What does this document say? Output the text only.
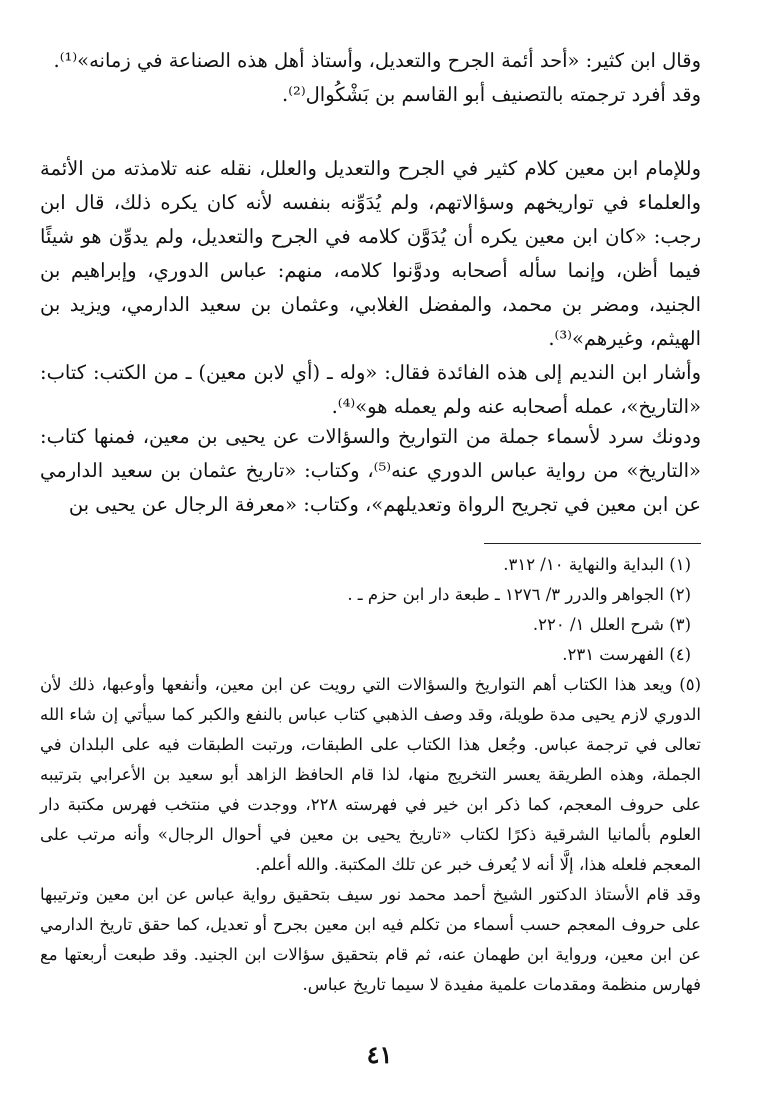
وقال ابن كثير: «أحد أئمة الجرح والتعديل، وأستاذ أهل هذه الصناعة في زمانه»⁽¹⁾.

وقد أفرد ترجمته بالتصنيف أبو القاسم بن بَشْكُوال⁽²⁾.

وللإمام ابن معين كلام كثير في الجرح والتعديل والعلل، نقله عنه تلامذته من الأئمة والعلماء في تواريخهم وسؤالاتهم، ولم يُدَوِّنه بنفسه لأنه كان يكره ذلك، قال ابن رجب: «كان ابن معين يكره أن يُدَوَّن كلامه في الجرح والتعديل، ولم يدوِّن هو شيئًا فيما أظن، وإنما سأله أصحابه ودوَّنوا كلامه، منهم: عباس الدوري، وإبراهيم بن الجنيد، ومضر بن محمد، والمفضل الغلابي، وعثمان بن سعيد الدارمي، ويزيد بن الهيثم، وغيرهم»⁽³⁾.

وأشار ابن النديم إلى هذه الفائدة فقال: «وله ـ (أي لابن معين) ـ من الكتب: كتاب: «التاريخ»، عمله أصحابه عنه ولم يعمله هو»⁽⁴⁾.

ودونك سرد لأسماء جملة من التواريخ والسؤالات عن يحيى بن معين، فمنها كتاب: «التاريخ» من رواية عباس الدوري عنه⁽⁵⁾، وكتاب: «تاريخ عثمان بن سعيد الدارمي عن ابن معين في تجريح الرواة وتعديلهم»، وكتاب: «معرفة الرجال عن يحيى بن

(١) البداية والنهاية ١٠/ ٣١٢.

(٢) الجواهر والدرر ٣/ ١٢٧٦ ـ طبعة دار ابن حزم ـ .

(٣) شرح العلل ١/ ٢٢٠.

(٤) الفهرست ٢٣١.

(٥) ويعد هذا الكتاب أهم التواريخ والسؤالات التي رويت عن ابن معين، وأنفعها وأوعبها، ذلك لأن الدوري لازم يحيى مدة طويلة، وقد وصف الذهبي كتاب عباس بالنفع والكبر كما سيأتي إن شاء الله تعالى في ترجمة عباس. وجُعل هذا الكتاب على الطبقات، ورتبت الطبقات فيه على البلدان في الجملة، وهذه الطريقة يعسر التخريج منها، لذا قام الحافظ الزاهد أبو سعيد بن الأعرابي بترتيبه على حروف المعجم، كما ذكر ابن خير في فهرسته ٢٢٨، ووجدت في منتخب فهرس مكتبة دار العلوم بألمانيا الشرقية ذكرًا لكتاب «تاريخ يحيى بن معين في أحوال الرجال» وأنه مرتب على المعجم فلعله هذا، إلَّا أنه لا يُعرف خبر عن تلك المكتبة. والله أعلم.

وقد قام الأستاذ الدكتور الشيخ أحمد محمد نور سيف بتحقيق رواية عباس عن ابن معين وترتيبها على حروف المعجم حسب أسماء من تكلم فيه ابن معين بجرح أو تعديل، كما حقق تاريخ الدارمي عن ابن معين، ورواية ابن طهمان عنه، ثم قام بتحقيق سؤالات ابن الجنيد. وقد طبعت أربعتها مع فهارس منظمة ومقدمات علمية مفيدة لا سيما تاريخ عباس.

٤١
